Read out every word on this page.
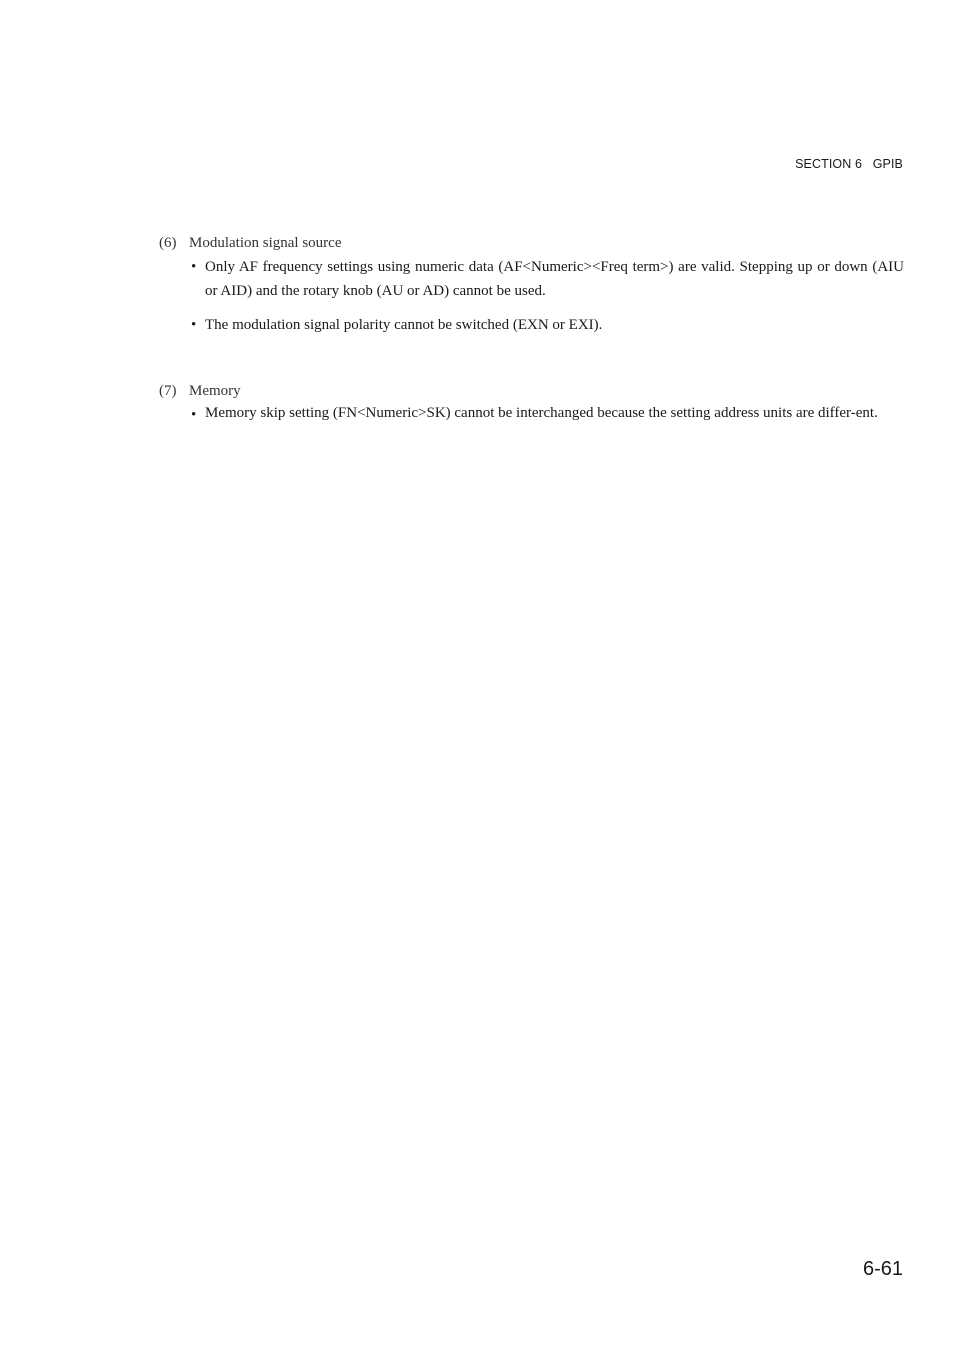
SECTION 6   GPIB
(6) Modulation signal source
• Only AF frequency settings using numeric data (AF<Numeric><Freq term>) are valid. Stepping up or down (AIU or AID) and the rotary knob (AU or AD) cannot be used.
• The modulation signal polarity cannot be switched (EXN or EXI).
(7) Memory
• Memory skip setting (FN<Numeric>SK) cannot be interchanged because the setting address units are differ-ent.
6-61
